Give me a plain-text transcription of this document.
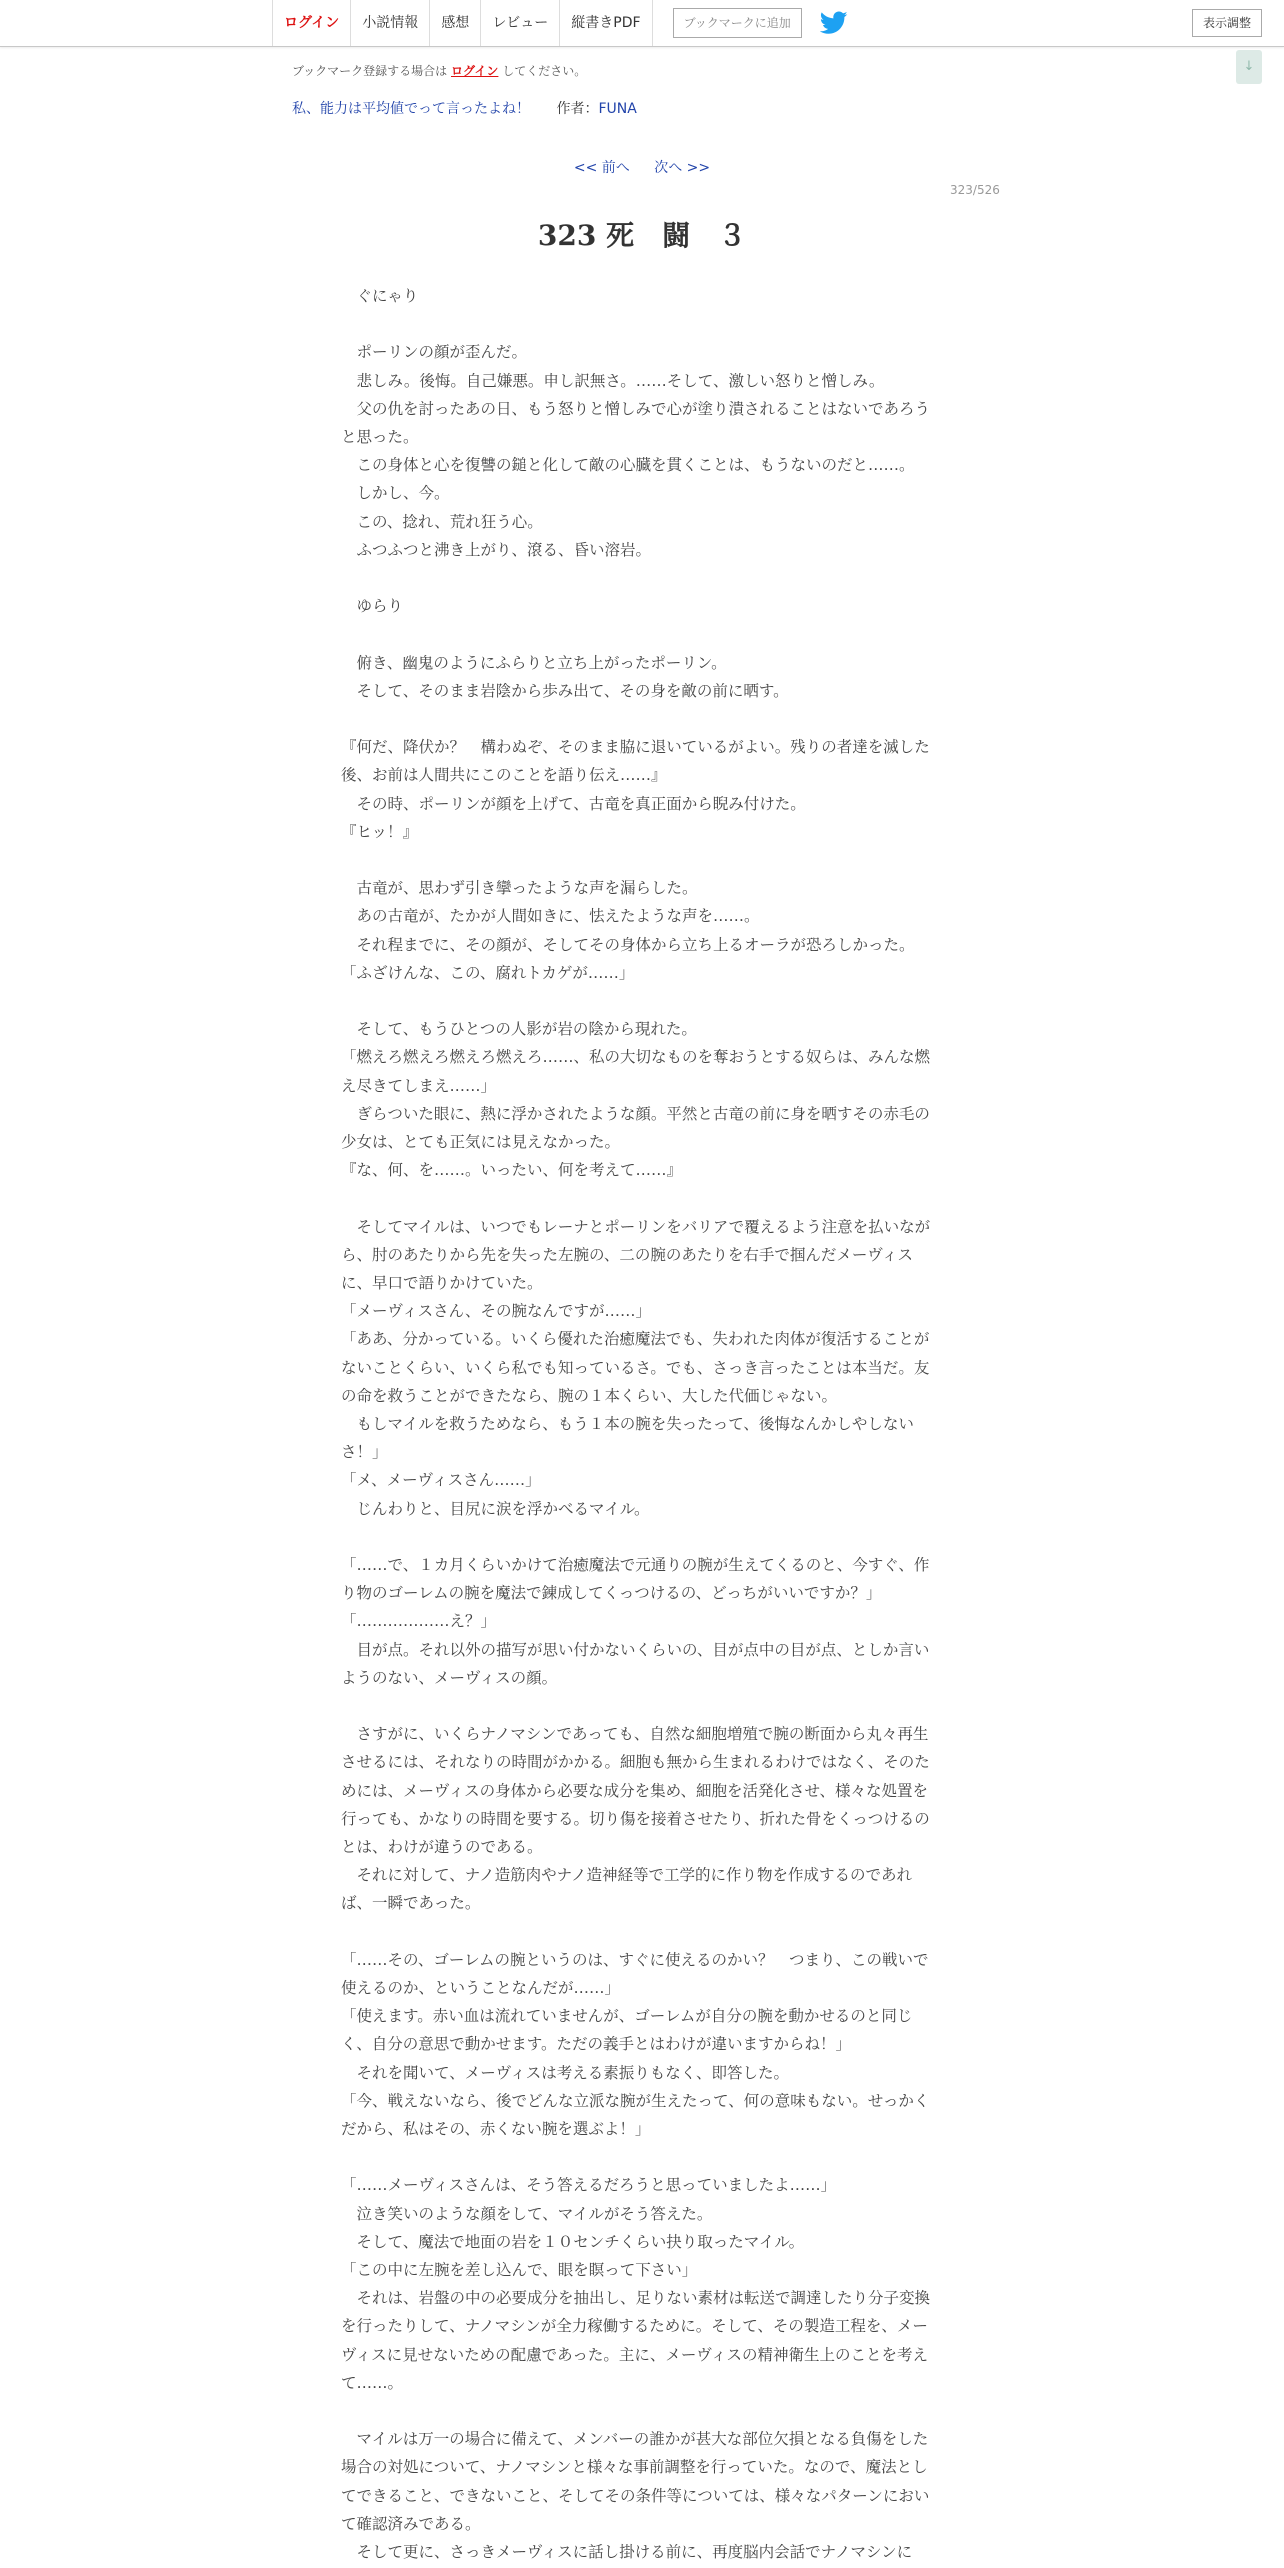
ログイン	小説情報	感想	レビュー	縦書きPDF	ブックマークに追加	表示調整
↓
ブックマーク登録する場合は ログイン してください。
私、能力は平均値でって言ったよね！ 作者：FUNA
<< 前へ 次へ >>
323/526
323 死　闘　３

　ぐにゃり

　ポーリンの顔が歪んだ。

　悲しみ。後悔。自己嫌悪。申し訳無さ。……そして、激しい怒りと憎しみ。

　父の仇を討ったあの日、もう怒りと憎しみで心が塗り潰されることはないであろうと思った。

　この身体と心を復讐の鎚と化して敵の心臓を貫くことは、もうないのだと……。

　しかし、今。

　この、捻れ、荒れ狂う心。

　ふつふつと沸き上がり、滾る、昏い溶岩。

　ゆらり

　俯き、幽鬼のようにふらりと立ち上がったポーリン。

　そして、そのまま岩陰から歩み出て、その身を敵の前に晒す。

『何だ、降伏か？　構わぬぞ、そのまま脇に退いているがよい。残りの者達を滅した後、お前は人間共にこのことを語り伝え……』

　その時、ポーリンが顔を上げて、古竜を真正面から睨み付けた。

『ヒッ！』

　古竜が、思わず引き攣ったような声を漏らした。

　あの古竜が、たかが人間如きに、怯えたような声を……。

　それ程までに、その顔が、そしてその身体から立ち上るオーラが恐ろしかった。

「ふざけんな、この、腐れトカゲが……」

　そして、もうひとつの人影が岩の陰から現れた。

「燃えろ燃えろ燃えろ燃えろ……、私の大切なものを奪おうとする奴らは、みんな燃え尽きてしまえ……」

　ぎらついた眼に、熱に浮かされたような顔。平然と古竜の前に身を晒すその赤毛の少女は、とても正気には見えなかった。

『な、何、を……。いったい、何を考えて……』

　そしてマイルは、いつでもレーナとポーリンをバリアで覆えるよう注意を払いながら、肘のあたりから先を失った左腕の、二の腕のあたりを右手で掴んだメーヴィスに、早口で語りかけていた。

「メーヴィスさん、その腕なんですが……」

「ああ、分かっている。いくら優れた治癒魔法でも、失われた肉体が復活することがないことくらい、いくら私でも知っているさ。でも、さっき言ったことは本当だ。友の命を救うことができたなら、腕の１本くらい、大した代価じゃない。

　もしマイルを救うためなら、もう１本の腕を失ったって、後悔なんかしやしないさ！」

「メ、メーヴィスさん……」

　じんわりと、目尻に涙を浮かべるマイル。

「……で、１カ月くらいかけて治癒魔法で元通りの腕が生えてくるのと、今すぐ、作り物のゴーレムの腕を魔法で錬成してくっつけるの、どっちがいいですか？」

「………………え？」

　目が点。それ以外の描写が思い付かないくらいの、目が点中の目が点、としか言いようのない、メーヴィスの顔。

　さすがに、いくらナノマシンであっても、自然な細胞増殖で腕の断面から丸々再生させるには、それなりの時間がかかる。細胞も無から生まれるわけではなく、そのためには、メーヴィスの身体から必要な成分を集め、細胞を活発化させ、様々な処置を行っても、かなりの時間を要する。切り傷を接着させたり、折れた骨をくっつけるのとは、わけが違うのである。

　それに対して、ナノ造筋肉やナノ造神経等で工学的に作り物を作成するのであれば、一瞬であった。

「……その、ゴーレムの腕というのは、すぐに使えるのかい？　つまり、この戦いで使えるのか、ということなんだが……」

「使えます。赤い血は流れていませんが、ゴーレムが自分の腕を動かせるのと同じく、自分の意思で動かせます。ただの義手とはわけが違いますからね！」

　それを聞いて、メーヴィスは考える素振りもなく、即答した。

「今、戦えないなら、後でどんな立派な腕が生えたって、何の意味もない。せっかくだから、私はその、赤くない腕を選ぶよ！」

「……メーヴィスさんは、そう答えるだろうと思っていましたよ……」

　泣き笑いのような顔をして、マイルがそう答えた。

　そして、魔法で地面の岩を１０センチくらい抉り取ったマイル。

「この中に左腕を差し込んで、眼を瞑って下さい」

　それは、岩盤の中の必要成分を抽出し、足りない素材は転送で調達したり分子変換を行ったりして、ナノマシンが全力稼働するために。そして、その製造工程を、メーヴィスに見せないための配慮であった。主に、メーヴィスの精神衛生上のことを考えて……。

　マイルは万一の場合に備えて、メンバーの誰かが甚大な部位欠損となる負傷をした場合の対処について、ナノマシンと様々な事前調整を行っていた。なので、魔法としてできること、できないこと、そしてその条件等については、様々なパターンにおいて確認済みである。

　そして更に、さっきメーヴィスに話し掛ける前に、再度脳内会話でナノマシンに
